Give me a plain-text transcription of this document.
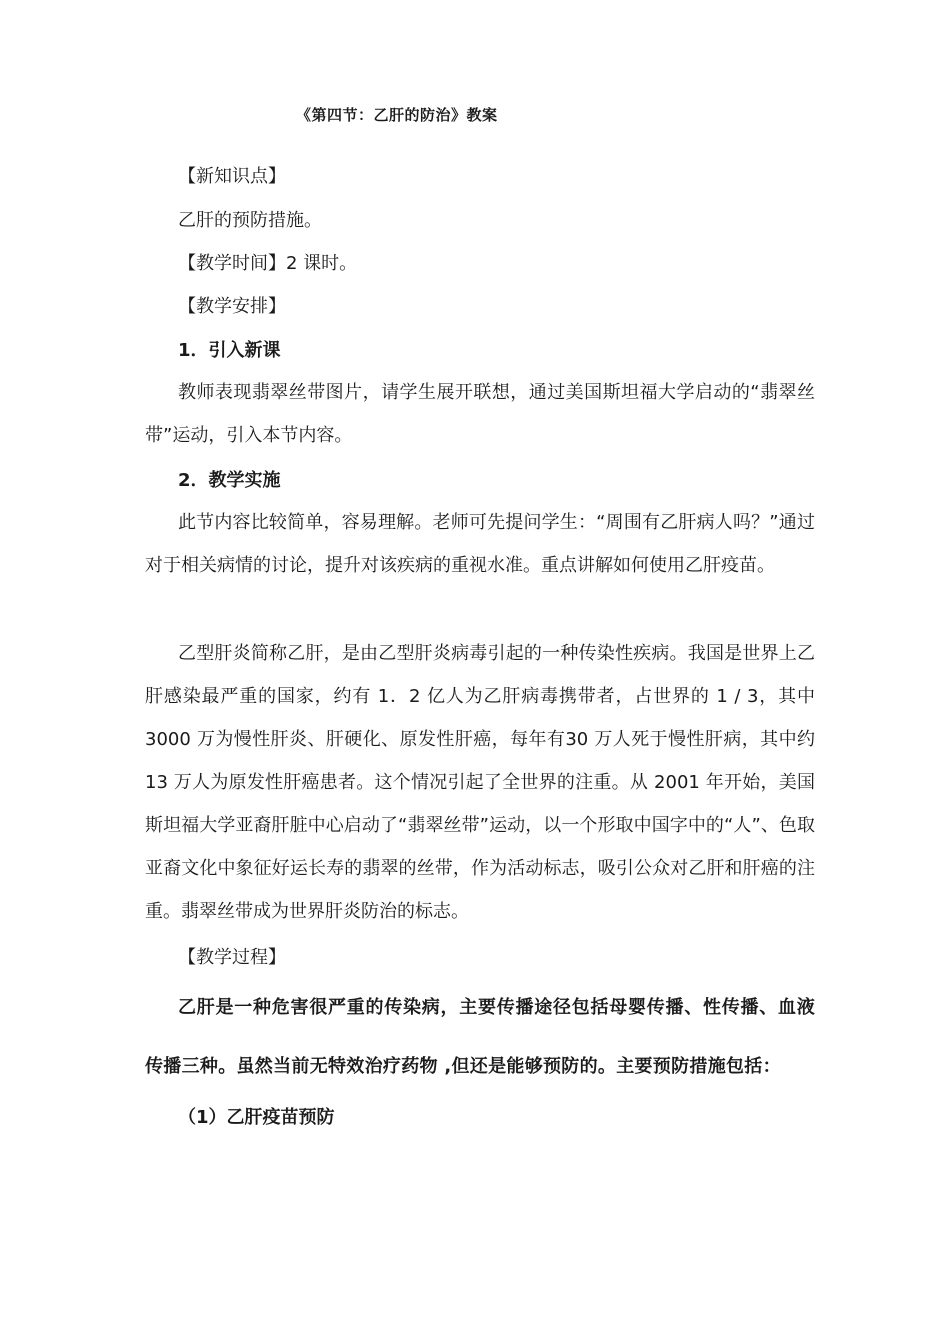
《第四节：乙肝的防治》教案
【新知识点】
乙肝的预防措施。
【教学时间】2 课时。
【教学安排】
1．引入新课

教师表现翡翠丝带图片，请学生展开联想，通过美国斯坦福大学启动的“翡翠丝带”运动，引入本节内容。

2．教学实施

此节内容比较简单，容易理解。老师可先提问学生：“周围有乙肝病人吗？”通过对于相关病情的讨论，提升对该疾病的重视水准。重点讲解如何使用乙肝疫苗。

乙型肝炎简称乙肝，是由乙型肝炎病毒引起的一种传染性疾病。我国是世界上乙肝感染最严重的国家，约有 1．2 亿人为乙肝病毒携带者，占世界的 1 / 3，其中 3000 万为慢性肝炎、肝硬化、原发性肝癌，每年有30 万人死于慢性肝病，其中约 13 万人为原发性肝癌患者。这个情况引起了全世界的注重。从 2001 年开始，美国斯坦福大学亚裔肝脏中心启动了“翡翠丝带”运动，以一个形取中国字中的“人”、色取亚裔文化中象征好运长寿的翡翠的丝带，作为活动标志，吸引公众对乙肝和肝癌的注重。翡翠丝带成为世界肝炎防治的标志。

【教学过程】

乙肝是一种危害很严重的传染病，主要传播途径包括母婴传播、性传播、血液传播三种。虽然当前无特效治疗药物 ,但还是能够预防的。主要预防措施包括：

（1）乙肝疫苗预防
